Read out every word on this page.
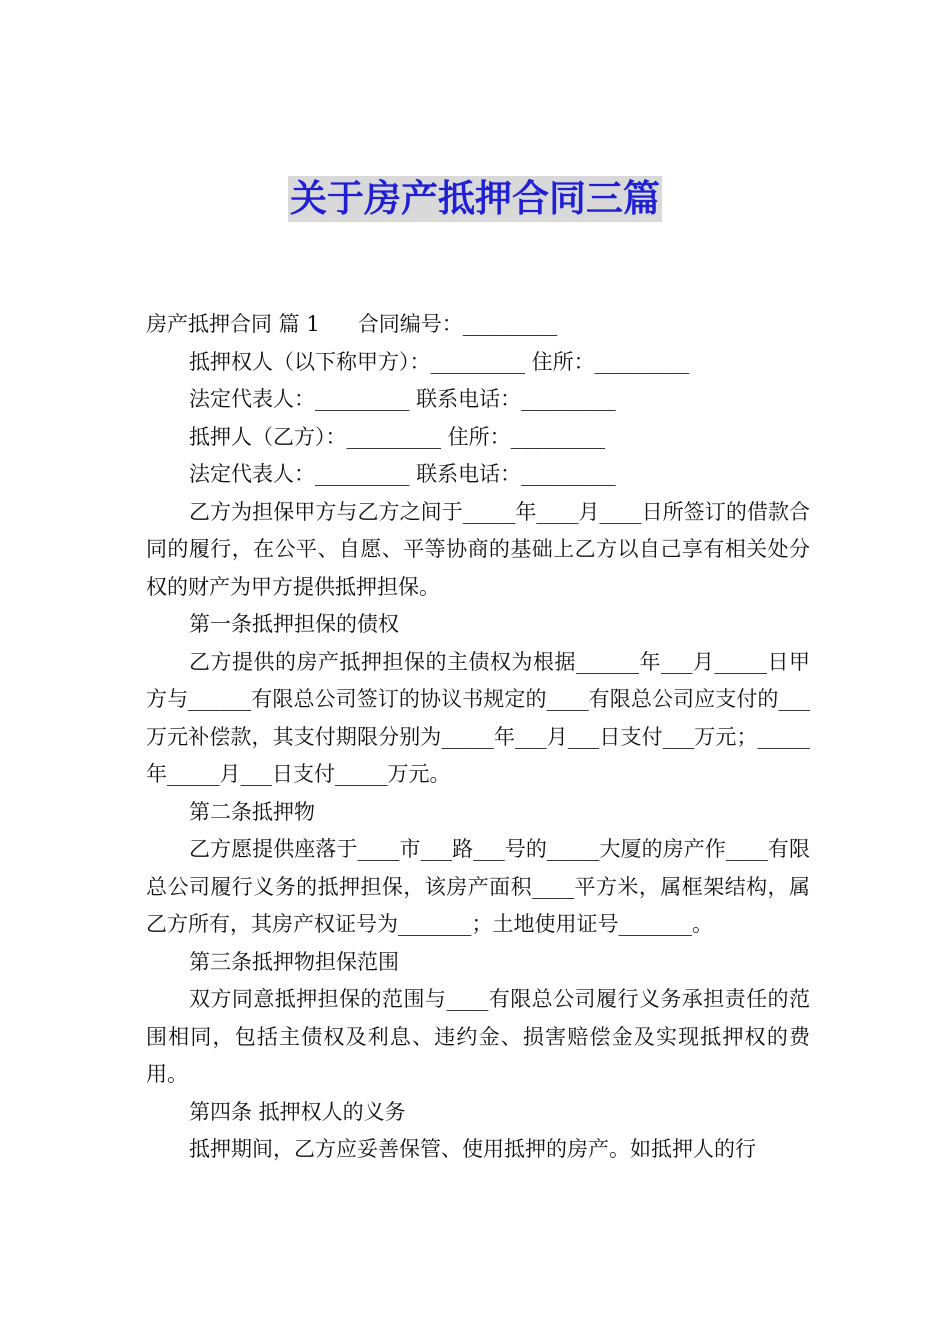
关于房产抵押合同三篇
房产抵押合同 篇 1 合同编号：_________
抵押权人（以下称甲方）：_________ 住所：_________
法定代表人：_________ 联系电话：_________
抵押人（乙方）：_________ 住所：_________
法定代表人：_________ 联系电话：_________

乙方为担保甲方与乙方之间于_____年____月____日所签订的借款合同的履行，在公平、自愿、平等协商的基础上乙方以自己享有相关处分权的财产为甲方提供抵押担保。

第一条抵押担保的债权

乙方提供的房产抵押担保的主债权为根据______年___月_____日甲方与______有限总公司签订的协议书规定的____有限总公司应支付的___万元补偿款，其支付期限分别为_____年___月___日支付___万元；_____年_____月___日支付_____万元。

第二条抵押物

乙方愿提供座落于____市___路___号的_____大厦的房产作____有限总公司履行义务的抵押担保，该房产面积____平方米，属框架结构，属乙方所有，其房产权证号为_______；土地使用证号_______。

第三条抵押物担保范围

双方同意抵押担保的范围与____有限总公司履行义务承担责任的范围相同，包括主债权及利息、违约金、损害赔偿金及实现抵押权的费用。

第四条 抵押权人的义务

抵押期间，乙方应妥善保管、使用抵押的房产。如抵押人的行
